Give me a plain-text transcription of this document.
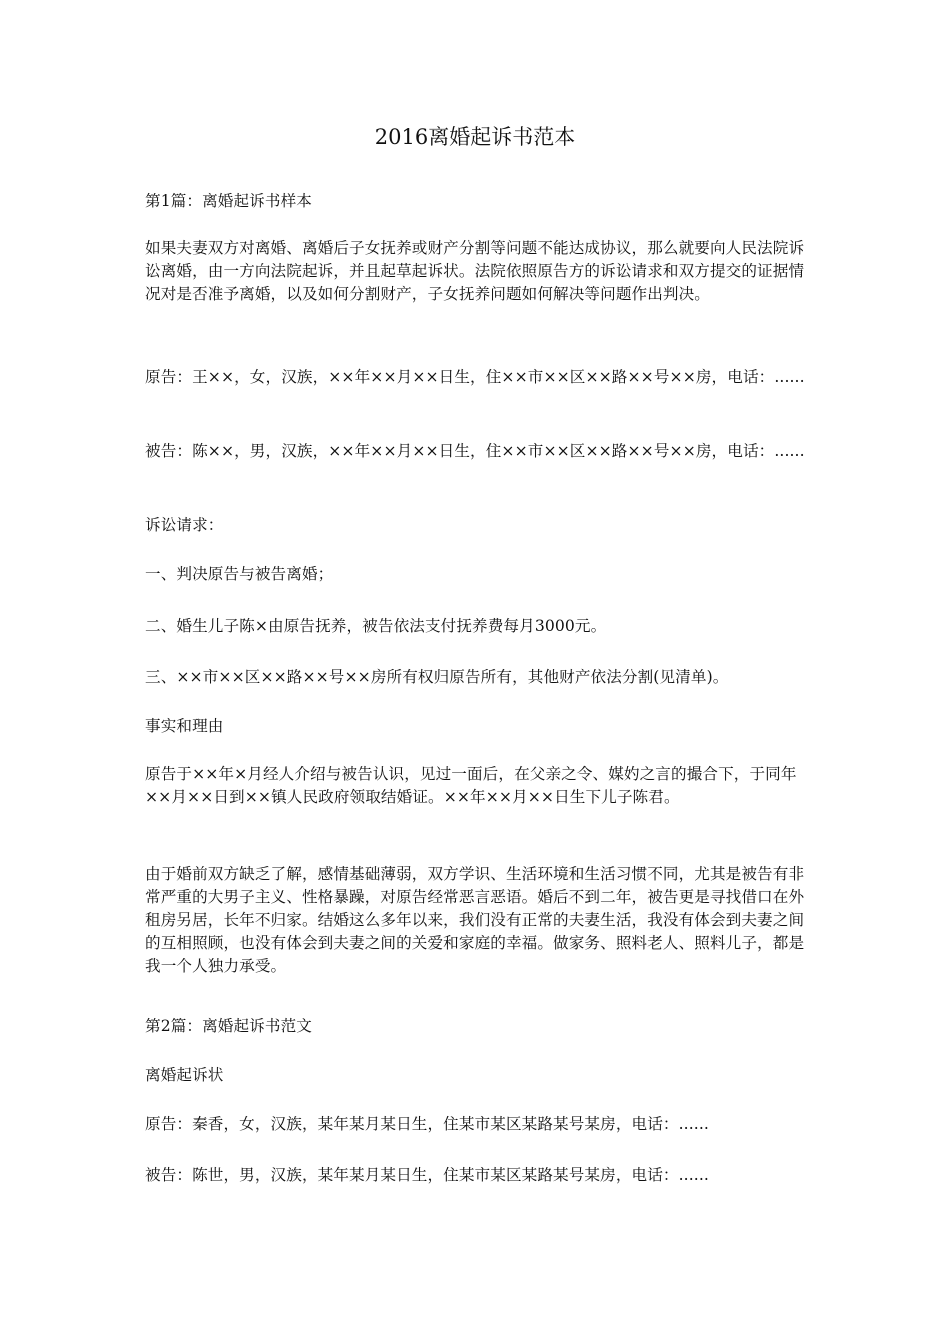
2016离婚起诉书范本
第1篇：离婚起诉书样本
如果夫妻双方对离婚、离婚后子女抚养或财产分割等问题不能达成协议，那么就要向人民法院诉讼离婚，由一方向法院起诉，并且起草起诉状。法院依照原告方的诉讼请求和双方提交的证据情况对是否准予离婚，以及如何分割财产，子女抚养问题如何解决等问题作出判决。
原告：王××，女，汉族，××年××月××日生，住××市××区××路××号××房，电话：......
被告：陈××，男，汉族，××年××月××日生，住××市××区××路××号××房，电话：......
诉讼请求：
一、判决原告与被告离婚；
二、婚生儿子陈×由原告抚养，被告依法支付抚养费每月3000元。
三、××市××区××路××号××房所有权归原告所有，其他财产依法分割(见清单)。
事实和理由
原告于××年×月经人介绍与被告认识，见过一面后，在父亲之令、媒妁之言的撮合下，于同年××月××日到××镇人民政府领取结婚证。××年××月××日生下儿子陈君。
由于婚前双方缺乏了解，感情基础薄弱，双方学识、生活环境和生活习惯不同，尤其是被告有非常严重的大男子主义、性格暴躁，对原告经常恶言恶语。婚后不到二年，被告更是寻找借口在外租房另居，长年不归家。结婚这么多年以来，我们没有正常的夫妻生活，我没有体会到夫妻之间的互相照顾，也没有体会到夫妻之间的关爱和家庭的幸福。做家务、照料老人、照料儿子，都是我一个人独力承受。
第2篇：离婚起诉书范文
离婚起诉状
原告：秦香，女，汉族，某年某月某日生，住某市某区某路某号某房，电话：......
被告：陈世，男，汉族，某年某月某日生，住某市某区某路某号某房，电话：......
